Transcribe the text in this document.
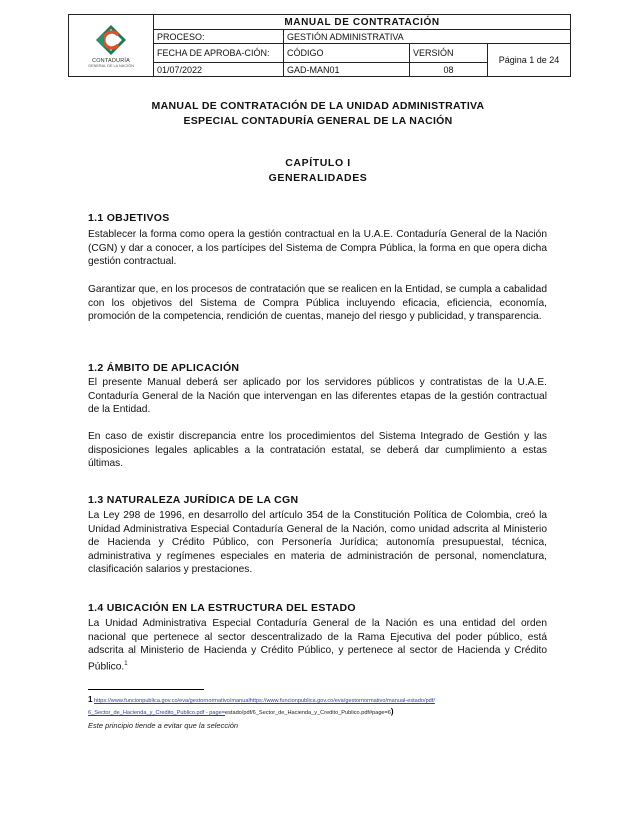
CONTADURÍA
GENERAL DE LA NACIÓN	MANUAL DE CONTRATACIÓN			
	PROCESO:	GESTIÓN ADMINISTRATIVA		
	FECHA DE APROBA-CIÓN:	CÓDIGO	VERSIÓN	Página 1 de 24
	01/07/2022	GAD-MAN01	08	
MANUAL DE CONTRATACIÓN DE LA UNIDAD ADMINISTRATIVA
ESPECIAL CONTADURÍA GENERAL DE LA NACIÓN
CAPÍTULO I
GENERALIDADES
1.1 OBJETIVOS

Establecer la forma como opera la gestión contractual en la U.A.E. Contaduría General de la Nación (CGN) y dar a conocer, a los partícipes del Sistema de Compra Pública, la forma en que opera dicha gestión contractual.

Garantizar que, en los procesos de contratación que se realicen en la Entidad, se cumpla a cabalidad con los objetivos del Sistema de Compra Pública incluyendo eficacia, eficiencia, economía, promoción de la competencia, rendición de cuentas, manejo del riesgo y publicidad, y transparencia.

1.2 ÁMBITO DE APLICACIÓN

El presente Manual deberá ser aplicado por los servidores públicos y contratistas de la U.A.E. Contaduría General de la Nación que intervengan en las diferentes etapas de la gestión contractual de la Entidad.

En caso de existir discrepancia entre los procedimientos del Sistema Integrado de Gestión y las disposiciones legales aplicables a la contratación estatal, se deberá dar cumplimiento a estas últimas.

1.3 NATURALEZA JURÍDICA DE LA CGN

La Ley 298 de 1996, en desarrollo del artículo 354 de la Constitución Política de Colombia, creó la Unidad Administrativa Especial Contaduría General de la Nación, como unidad adscrita al Ministerio de Hacienda y Crédito Público, con Personería Jurídica; autonomía presupuestal, técnica, administrativa y regímenes especiales en materia de administración de personal, nomenclatura, clasificación salarios y prestaciones.

1.4 UBICACIÓN EN LA ESTRUCTURA DEL ESTADO

La Unidad Administrativa Especial Contaduría General de la Nación es una entidad del orden nacional que pertenece al sector descentralizado de la Rama Ejecutiva del poder público, está adscrita al Ministerio de Hacienda y Crédito Público, y pertenece al sector de Hacienda y Crédito Público.$^1$

1 https://www.funcionpublica.gov.co/eva/gestornormativo/manualhttps://www.funcionpublica.gov.co/eva/gestornormativo/manual-estado/pdf/
6_Sector_de_Hacienda_y_Credito_Publico.pdf - page=estado/pdf/6_Sector_de_Hacienda_y_Credito_Publico.pdf#page=6)
Este principio tiende a evitar que la selección
